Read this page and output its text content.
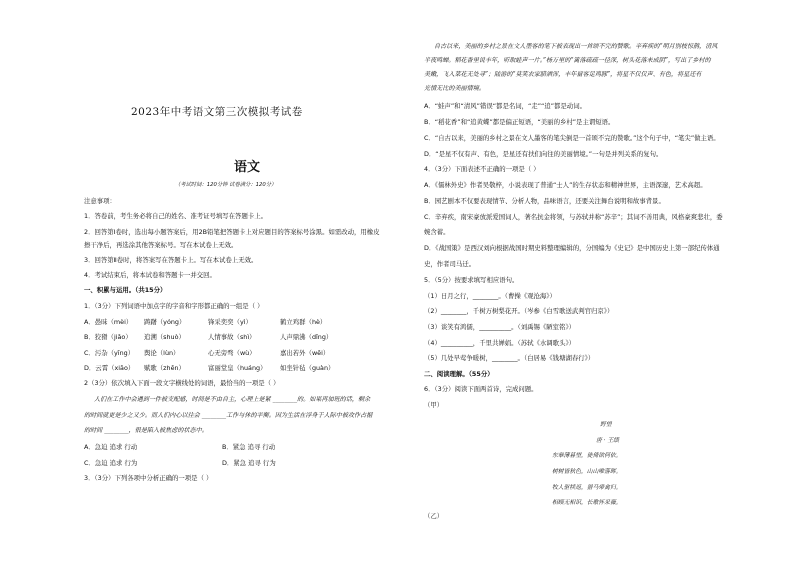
2023年中考语文第三次模拟考试卷
语文
（考试时间：120分钟 试卷满分：120分）
注意事项：
1．答卷前，考生务必将自己的姓名、准考证号填写在答题卡上。
2．回答第Ⅰ卷时，选出每小题答案后，用2B铅笔把答题卡上对应题目的答案标号涂黑。如需改动，用橡皮
擦干净后，再选涂其他答案标号。写在本试卷上无效。
3．回答第Ⅱ卷时，将答案写在答题卡上。写在本试卷上无效。
4．考试结束后，将本试卷和答题卡一并交回。
一、积累与运用。（共15分）
1．（3分）下列词语中加点字的字音和字形都正确的一组是（ ）
A．愚昧（mèi）	踌躇（yóng）	锋采奕奕（yì）	鹤立鸡群（hè）
B．狡猾（jiǎo）	追溯（shuò）	人情事故（shì）	人声鼎沸（dǐng）
C．污杂（yīng）	舆论（lùn）	心无旁骛（wù）	嘉出若外（wēi）
D．云霄（xiāo）	赋歌（zhēn）	富丽堂皇（huáng）	如坐针毡（guàn）
2（3分）依次填入下面一段文字横线处的词语，最恰当的一项是（ ）
人们在工作中会遇到一件被支配感，时间是不由自主，心理上是紧 ________的。如果再加班的话，剩余
的时间就更是少之又少。而人们内心以往会 ________工作与休的平衡。因为生活在浮身于人际中被攻作占据
的时间 ________，很是陷入被焦虑的状态中。
A．急迫 追求 行动	B．紧急 追寻 行动
C．急迫 追求 行为	D．紧急 追寻 行为
3．（3分）下列各项中分析正确的一项是（ ）
自古以来，美丽的乡村之景在文人墨客的笔下被表现出一首颂不完的赞歌。辛弃疾的“明月别枝惊鹊，清风
半夜鸣蝉。稻花香里说丰年，听取蛙声一片。”杨万里的“篱落疏疏一径深，树头花落未成阴”，写出了乡村的
美嫩，飞入菜花无处寻”；陆游的“莫笑农家腊酒浑，丰年留客足鸡豚”，将星不仅仅声、有色，将星还有
光情无比的美丽情境。
A．“蛙声”和“清风”错误“都是名词，“走”“追”都是动词。
B．“稻花香”和“追黄蝶”都是偏正短语，“美丽的乡村”是主谓短语。
C．“自古以来，美丽的乡村之景在文人墨客的笔尖倒是一首颂不完的赞歌。”这个句子中，“笔尖”做主语。
D．“是星不仅有声、有色，是星还有扶们向往的美丽情境。”一句是并列关系的复句。
4．（3分）下面表述不正确的一项是（ ）
A．《儒林外史》作者吴敬梓，小说表现了普通“士人”的生存状态和精神世界，主语深邃，艺术高超。
B．园艺剧本不仅要表现情节、分析人物，品味语言，还要关注舞台说明和故事背景。
C．辛弃疾，南宋豪放派爱国词人，著名抗金将领，与苏轼并称“苏辛”；其词不善用典，风格豪爽悲壮，委
婉含蓄。
D．《战国策》是西汉刘向根据战国时期史料整理编辑的，分国编为《史记》是中国历史上第一部纪传体通
史，作者司马迁。
5．（5分）按要求填写相应语句。
（1）日月之行，________。（曹操《观沧海》）
（2）________，千树万树梨花开。（岑参《白雪歌送武判官归京》）
（3）谈笑有鸿儒，__________。（刘禹锡《陋室铭》）
（4）__________，千里共婵娟。（苏轼《水调歌头》）
（5）几处早莺争暖树，________。（白居易《钱塘湖春行》）
二、阅读理解。（55分）
6．（3分）阅读下面两首诗，完成问题。
（甲）
野望
唐 · 王绩
东皋薄暮望，徙倚欲何依。
树树皆秋色，山山唯落晖。
牧人驱犊返，猎马带禽归。
相顾无相识，长歌怀采薇。
（乙）
